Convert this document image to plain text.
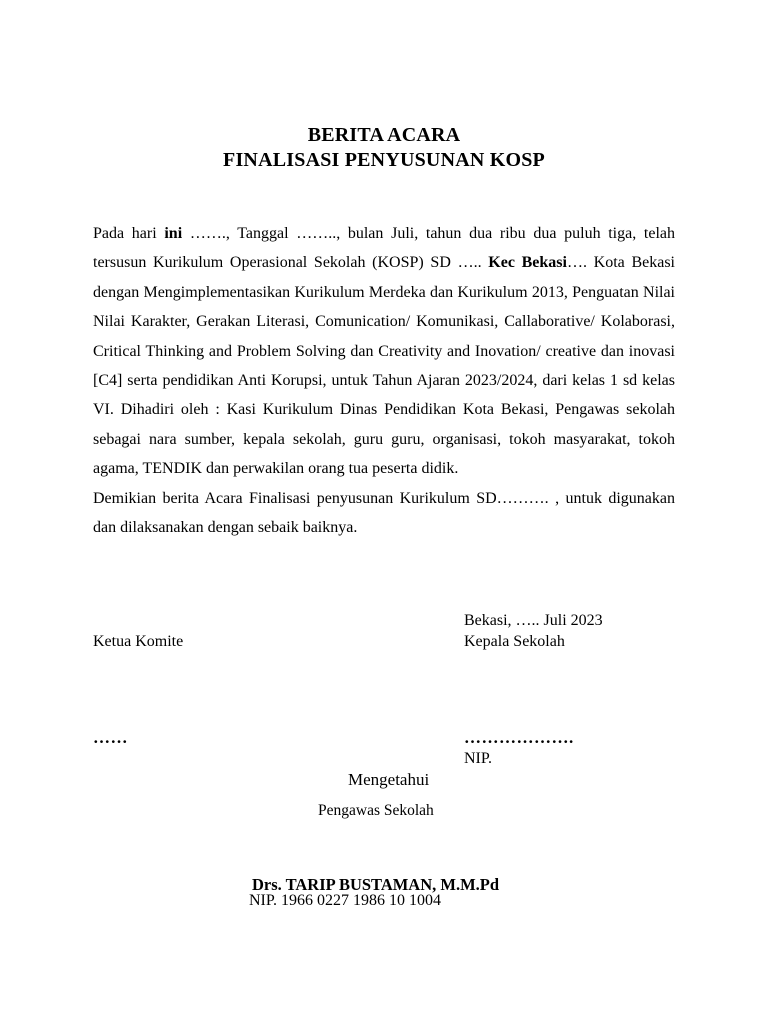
BERITA ACARA
FINALISASI PENYUSUNAN KOSP

Pada hari ini ……., Tanggal …….., bulan Juli, tahun dua ribu dua puluh tiga, telah tersusun Kurikulum Operasional Sekolah (KOSP) SD ….. Kec Bekasi…. Kota Bekasi dengan Mengimplementasikan Kurikulum Merdeka dan Kurikulum 2013, Penguatan Nilai Nilai Karakter, Gerakan Literasi, Comunication/ Komunikasi, Callaborative/ Kolaborasi, Critical Thinking and Problem Solving dan Creativity and Inovation/ creative dan inovasi [C4] serta pendidikan Anti Korupsi, untuk Tahun Ajaran 2023/2024, dari kelas 1 sd kelas VI. Dihadiri oleh : Kasi Kurikulum Dinas Pendidikan Kota Bekasi, Pengawas sekolah sebagai nara sumber, kepala sekolah, guru guru, organisasi, tokoh masyarakat, tokoh agama, TENDIK dan perwakilan orang tua peserta didik.

Demikian berita Acara Finalisasi penyusunan Kurikulum SD………. , untuk digunakan dan dilaksanakan dengan sebaik baiknya.

Bekasi, ….. Juli 2023
Ketua Komite	Kepala Sekolah
……	……………….
NIP.
Mengetahui
Pengawas Sekolah
Drs. TARIP BUSTAMAN, M.M.Pd
NIP. 1966 0227 1986 10 1004
